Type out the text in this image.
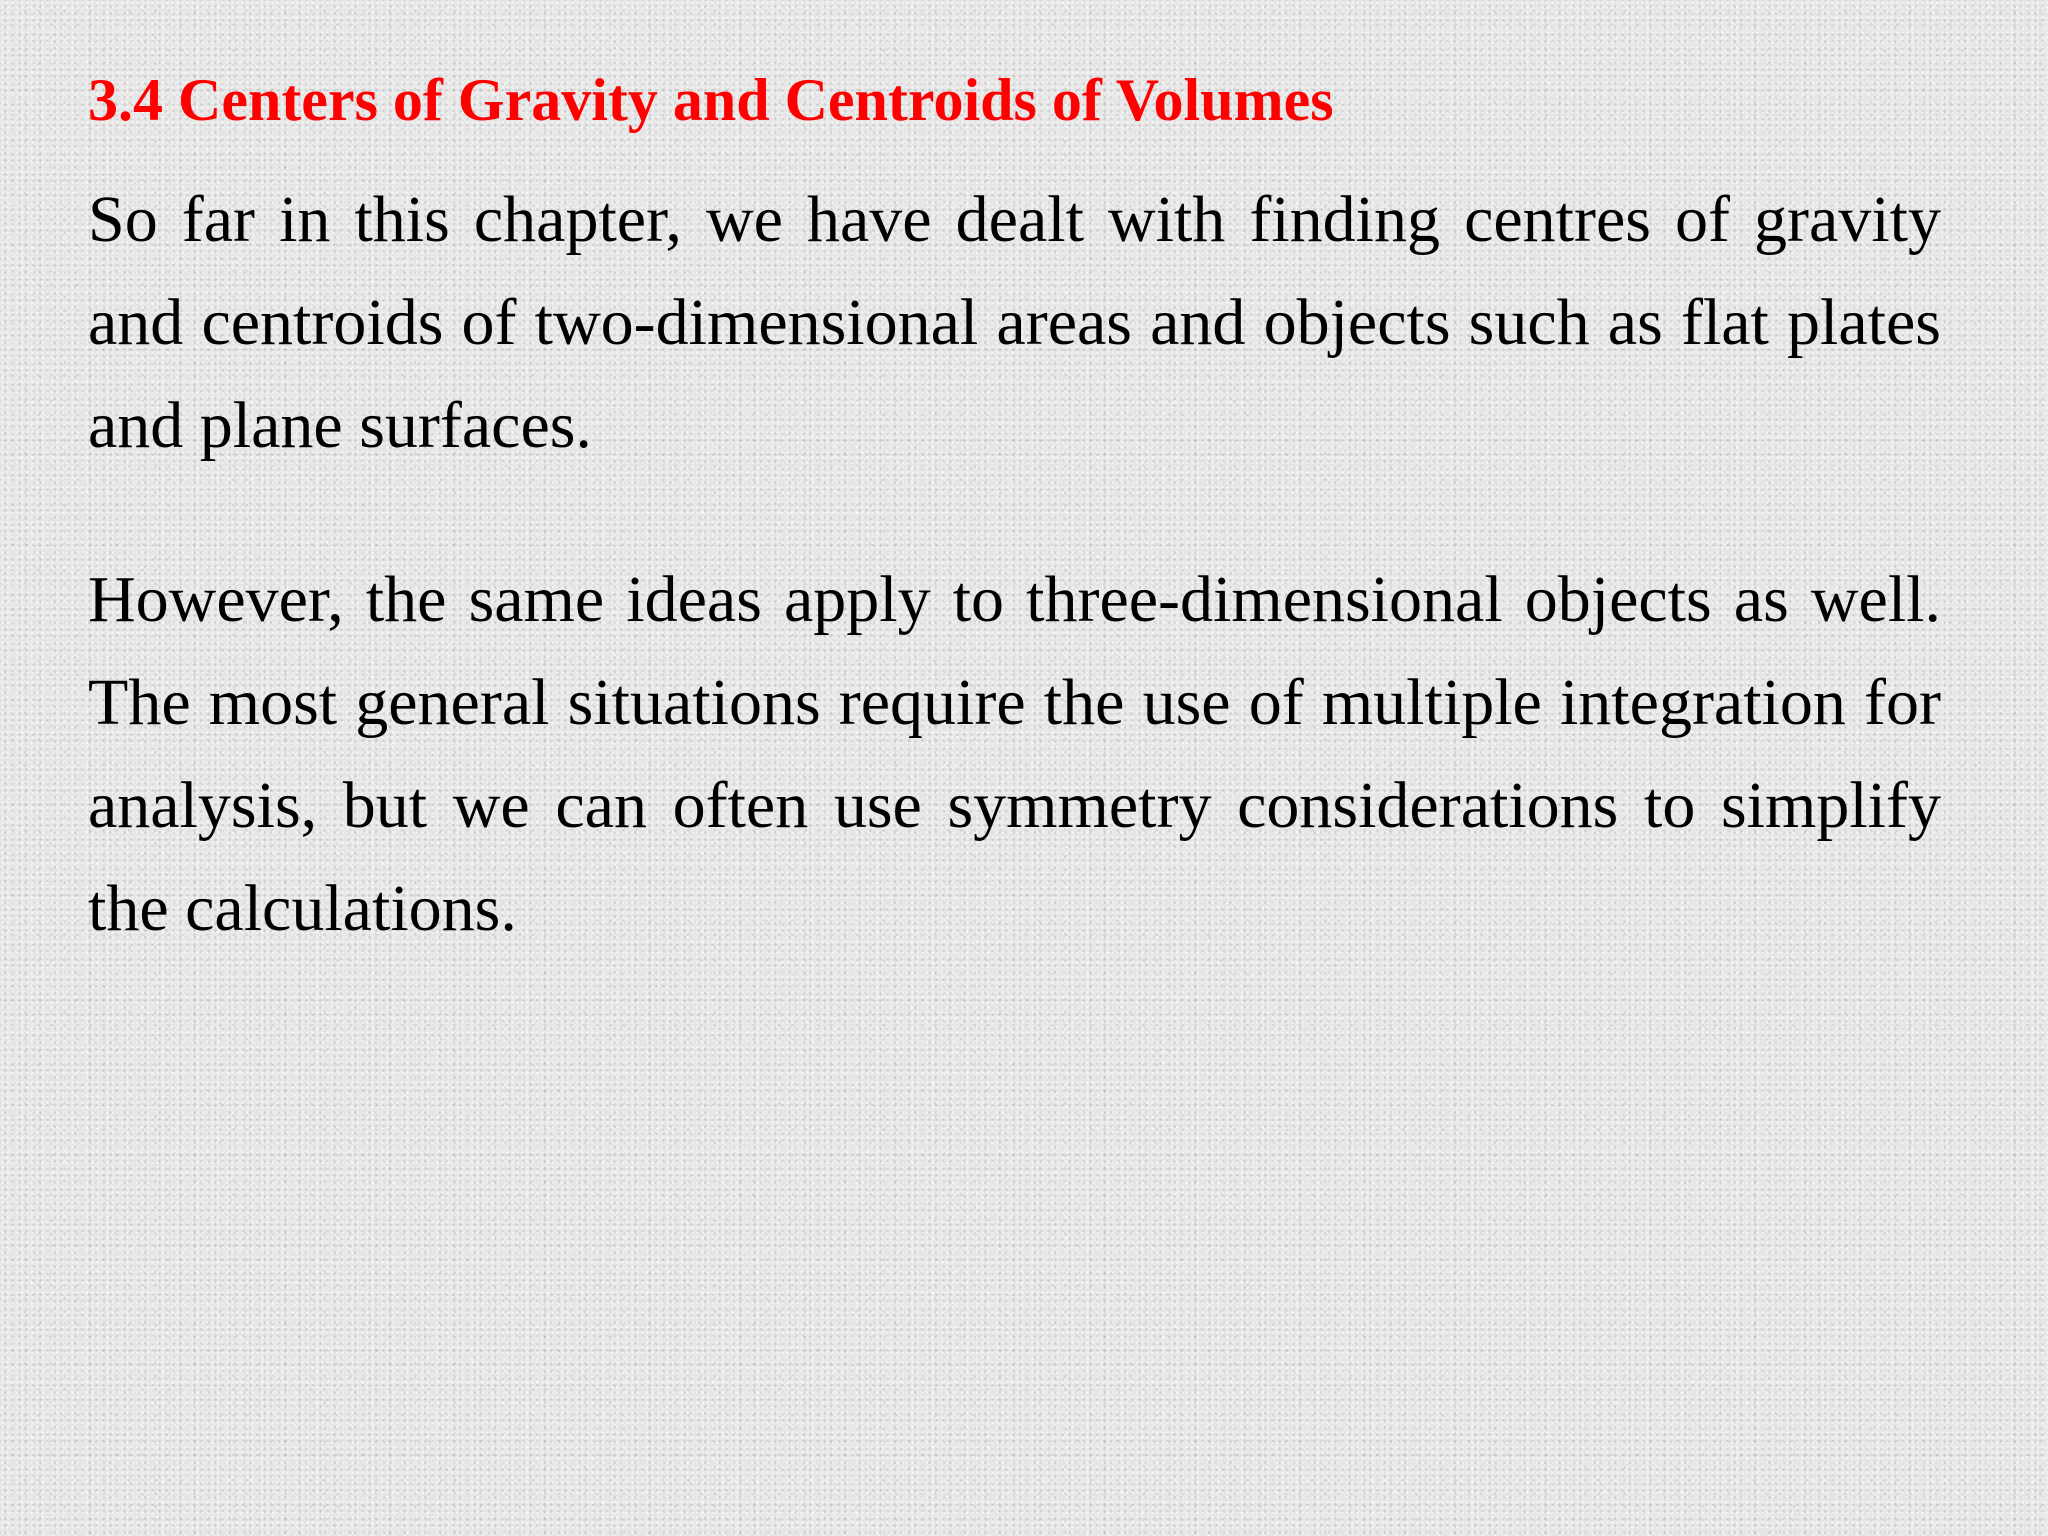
3.4 Centers of Gravity and Centroids of Volumes

So far in this chapter, we have dealt with finding centres of gravity and centroids of two-dimensional areas and objects such as flat plates and plane surfaces.

However, the same ideas apply to three-dimensional objects as well. The most general situations require the use of multiple integration for analysis, but we can often use symmetry considerations to simplify the calculations.
